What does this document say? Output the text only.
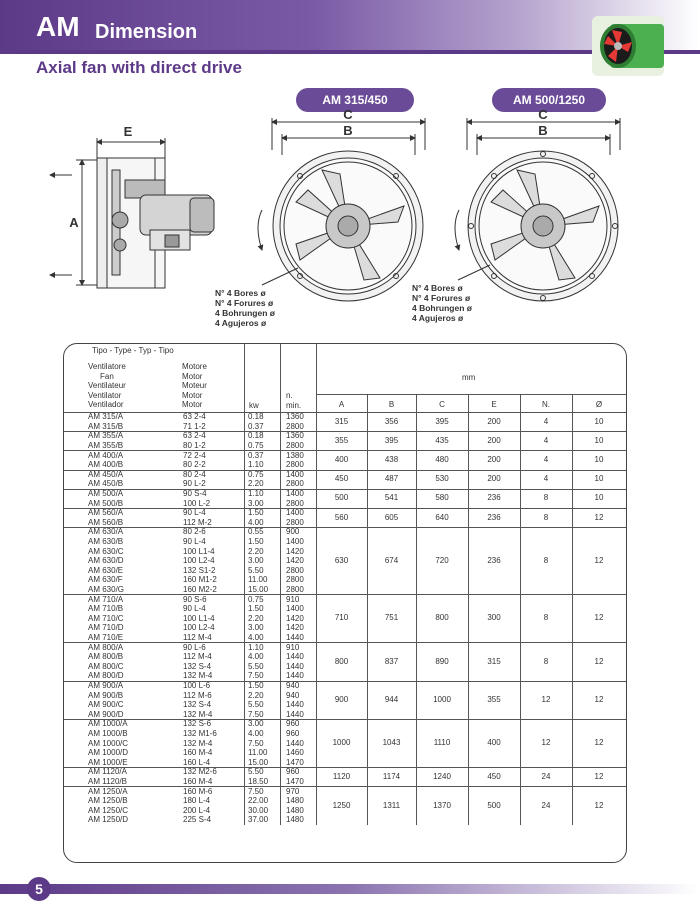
AM Dimension
Axial fan with direct drive
AM 315/450	AM 500/1250
E
A
C
B
C
B
N° 4 Bores ø
N° 4 Forures ø
4 Bohrungen ø
4 Agujeros ø
N° 4 Bores ø
N° 4 Forures ø
4 Bohrungen ø
4 Agujeros ø
Tipo - Type - Typ - Tipo
Ventilatore
Fan
Ventilateur
Ventilator
Ventilador
Motore
Motor
Moteur
Motor
Motor	kw
n.
min.
mm
A	B	C	E	N.	Ø
AM 315/A	63 2-4	0.18	1360
AM 315/B	71 1-2	0.37	2800
315	356	395	200	4	10
AM 355/A	63 2-4	0.18	1360
AM 355/B	80 1-2	0.75	2800
355	395	435	200	4	10
AM 400/A	72 2-4	0.37	1380
AM 400/B	80 2-2	1.10	2800
400	438	480	200	4	10
AM 450/A	80 2-4	0.75	1400
AM 450/B	90 L-2	2.20	2800
450	487	530	200	4	10
AM 500/A	90 S-4	1.10	1400
AM 500/B	100 L-2	3.00	2800
500	541	580	236	8	10
AM 560/A	90 L-4	1.50	1400
AM 560/B	112 M-2	4.00	2800
560	605	640	236	8	12
AM 630/A	80 2-6	0.55	900
AM 630/B	90 L-4	1.50	1400
AM 630/C	100 L1-4	2.20	1420
AM 630/D	100 L2-4	3.00	1420
AM 630/E	132 S1-2	5.50	2800
AM 630/F	160 M1-2	11.00 2800
AM 630/G	160 M2-2	15.00 2800
630	674	720	236	8	12
AM 710/A	90 S-6	0.75	910
AM 710/B	90 L-4	1.50	1400
AM 710/C	100 L1-4	2.20	1420
AM 710/D	100 L2-4	3.00	1420
AM 710/E	112 M-4	4.00	1440
710	751	800	300	8	12
AM 800/A	90 L-6	1.10	910
AM 800/B	112 M-4	4.00	1440
AM 800/C	132 S-4	5.50	1440
AM 800/D	132 M-4	7.50	1440
800	837	890	315	8	12
AM 900/A	100 L-6	1.50	940
AM 900/B	112 M-6	2.20	940
AM 900/C	132 S-4	5.50	1440
AM 900/D	132 M-4	7.50	1440
900	944	1000	355	12	12
AM 1000/A	132 S-6	3.00	960
AM 1000/B	132 M1-6	4.00	960
AM 1000/C	132 M-4	7.50	1440
AM 1000/D	160 M-4	11.00 1460
AM 1000/E	160 L-4	15.00 1470
1000	1043	1110	400	12	12
AM 1120/A	132 M2-6	5.50	960
AM 1120/B	160 M-4	18.50 1470
1120	1174	1240	450	24	12
AM 1250/A	160 M-6	7.50	970
AM 1250/B	180 L-4	22.00 1480
AM 1250/C	200 L-4	30.00 1480
AM 1250/D	225 S-4	37.00 1480
1250	1311	1370	500	24	12
5
